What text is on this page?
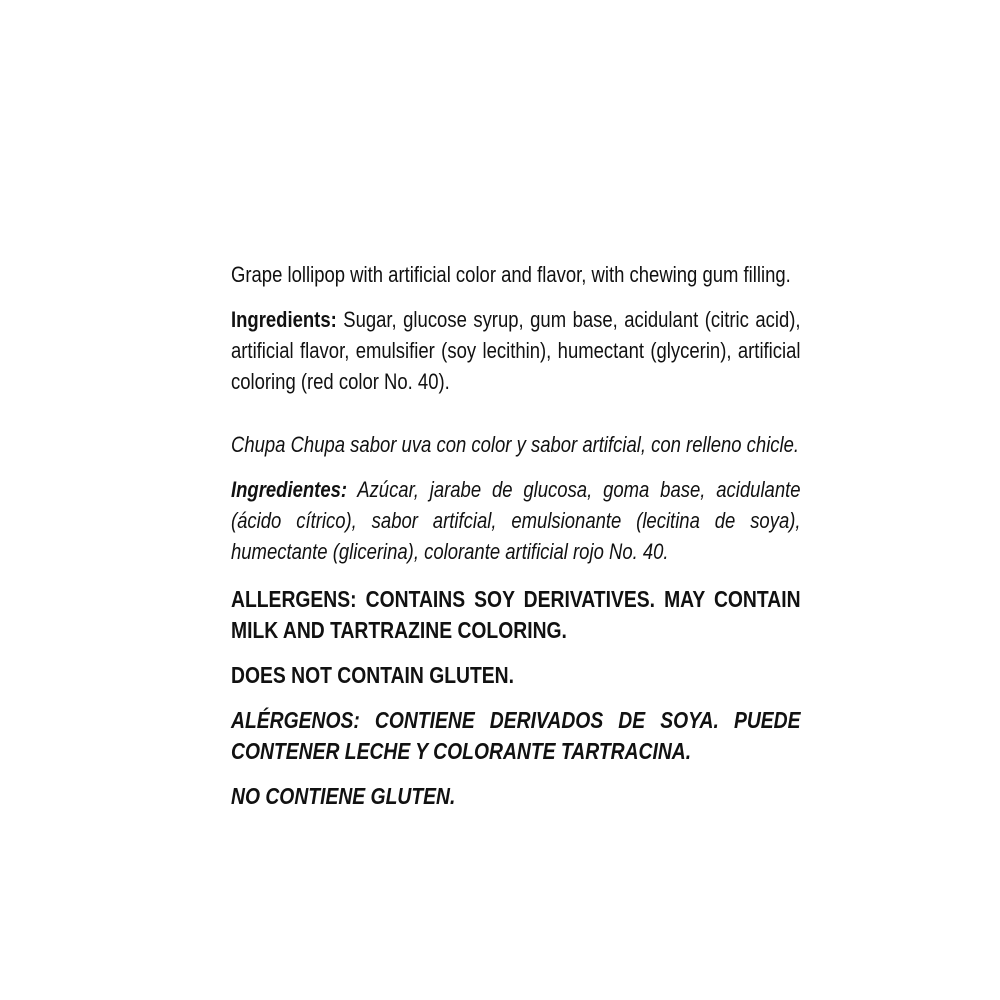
Grape lollipop with artificial color and flavor, with chewing gum filling.

Ingredients: Sugar, glucose syrup, gum base, acidulant (citric acid), artificial flavor, emulsifier (soy lecithin), humectant (glycerin), artificial coloring (red color No. 40).

Chupa Chupa sabor uva con color y sabor artifcial, con relleno chicle.

Ingredientes: Azúcar, jarabe de glucosa, goma base, acidulante (ácido cítrico), sabor artifcial, emulsionante (lecitina de soya), humectante (glicerina), colorante artificial rojo No. 40.

ALLERGENS: CONTAINS SOY DERIVATIVES. MAY CONTAIN MILK AND TARTRAZINE COLORING.

DOES NOT CONTAIN GLUTEN.

ALÉRGENOS: CONTIENE DERIVADOS DE SOYA. PUEDE CONTENER LECHE Y COLORANTE TARTRACINA.

NO CONTIENE GLUTEN.
